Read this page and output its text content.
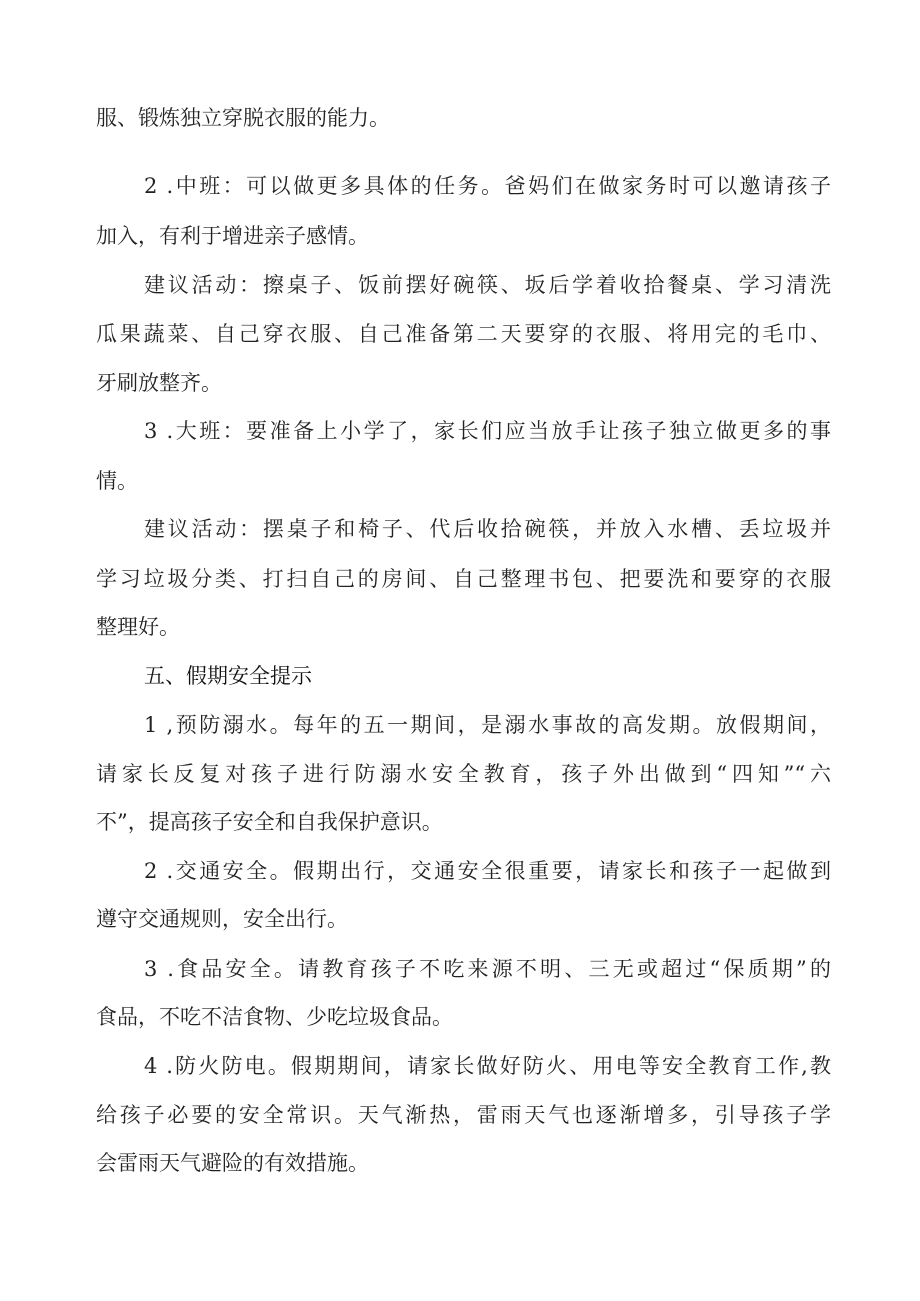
服、锻炼独立穿脱衣服的能力。

2 .中班：可以做更多具体的任务。爸妈们在做家务时可以邀请孩子

加入，有利于增进亲子感情。

建议活动：擦桌子、饭前摆好碗筷、坂后学着收拾餐桌、学习清洗

瓜果蔬菜、自己穿衣服、自己准备第二天要穿的衣服、将用完的毛巾、

牙刷放整齐。

3 .大班：要准备上小学了，家长们应当放手让孩子独立做更多的事

情。

建议活动：摆桌子和椅子、代后收拾碗筷，并放入水槽、丢垃圾并

学习垃圾分类、打扫自己的房间、自己整理书包、把要洗和要穿的衣服

整理好。

五、假期安全提示

1 ,预防溺水。每年的五一期间，是溺水事故的高发期。放假期间，

请家长反复对孩子进行防溺水安全教育，孩子外出做到“四知”“六

不”，提高孩子安全和自我保护意识。

2 .交通安全。假期出行，交通安全很重要，请家长和孩子一起做到

遵守交通规则，安全出行。

3 .食品安全。请教育孩子不吃来源不明、三无或超过“保质期”的

食品，不吃不洁食物、少吃垃圾食品。

4 .防火防电。假期期间，请家长做好防火、用电等安全教育工作,教

给孩子必要的安全常识。天气渐热，雷雨天气也逐渐增多，引导孩子学

会雷雨天气避险的有效措施。
